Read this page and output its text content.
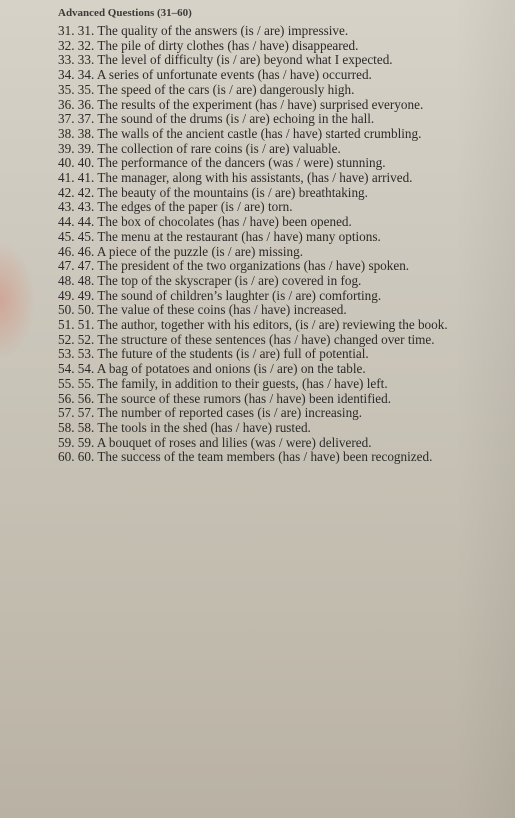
Advanced Questions (31–60)
31. 31. The quality of the answers (is / are) impressive.
32. 32. The pile of dirty clothes (has / have) disappeared.
33. 33. The level of difficulty (is / are) beyond what I expected.
34. 34. A series of unfortunate events (has / have) occurred.
35. 35. The speed of the cars (is / are) dangerously high.
36. 36. The results of the experiment (has / have) surprised everyone.
37. 37. The sound of the drums (is / are) echoing in the hall.
38. 38. The walls of the ancient castle (has / have) started crumbling.
39. 39. The collection of rare coins (is / are) valuable.
40. 40. The performance of the dancers (was / were) stunning.
41. 41. The manager, along with his assistants, (has / have) arrived.
42. 42. The beauty of the mountains (is / are) breathtaking.
43. 43. The edges of the paper (is / are) torn.
44. 44. The box of chocolates (has / have) been opened.
45. 45. The menu at the restaurant (has / have) many options.
46. 46. A piece of the puzzle (is / are) missing.
47. 47. The president of the two organizations (has / have) spoken.
48. 48. The top of the skyscraper (is / are) covered in fog.
49. 49. The sound of children’s laughter (is / are) comforting.
50. 50. The value of these coins (has / have) increased.
51. 51. The author, together with his editors, (is / are) reviewing the book.
52. 52. The structure of these sentences (has / have) changed over time.
53. 53. The future of the students (is / are) full of potential.
54. 54. A bag of potatoes and onions (is / are) on the table.
55. 55. The family, in addition to their guests, (has / have) left.
56. 56. The source of these rumors (has / have) been identified.
57. 57. The number of reported cases (is / are) increasing.
58. 58. The tools in the shed (has / have) rusted.
59. 59. A bouquet of roses and lilies (was / were) delivered.
60. 60. The success of the team members (has / have) been recognized.
